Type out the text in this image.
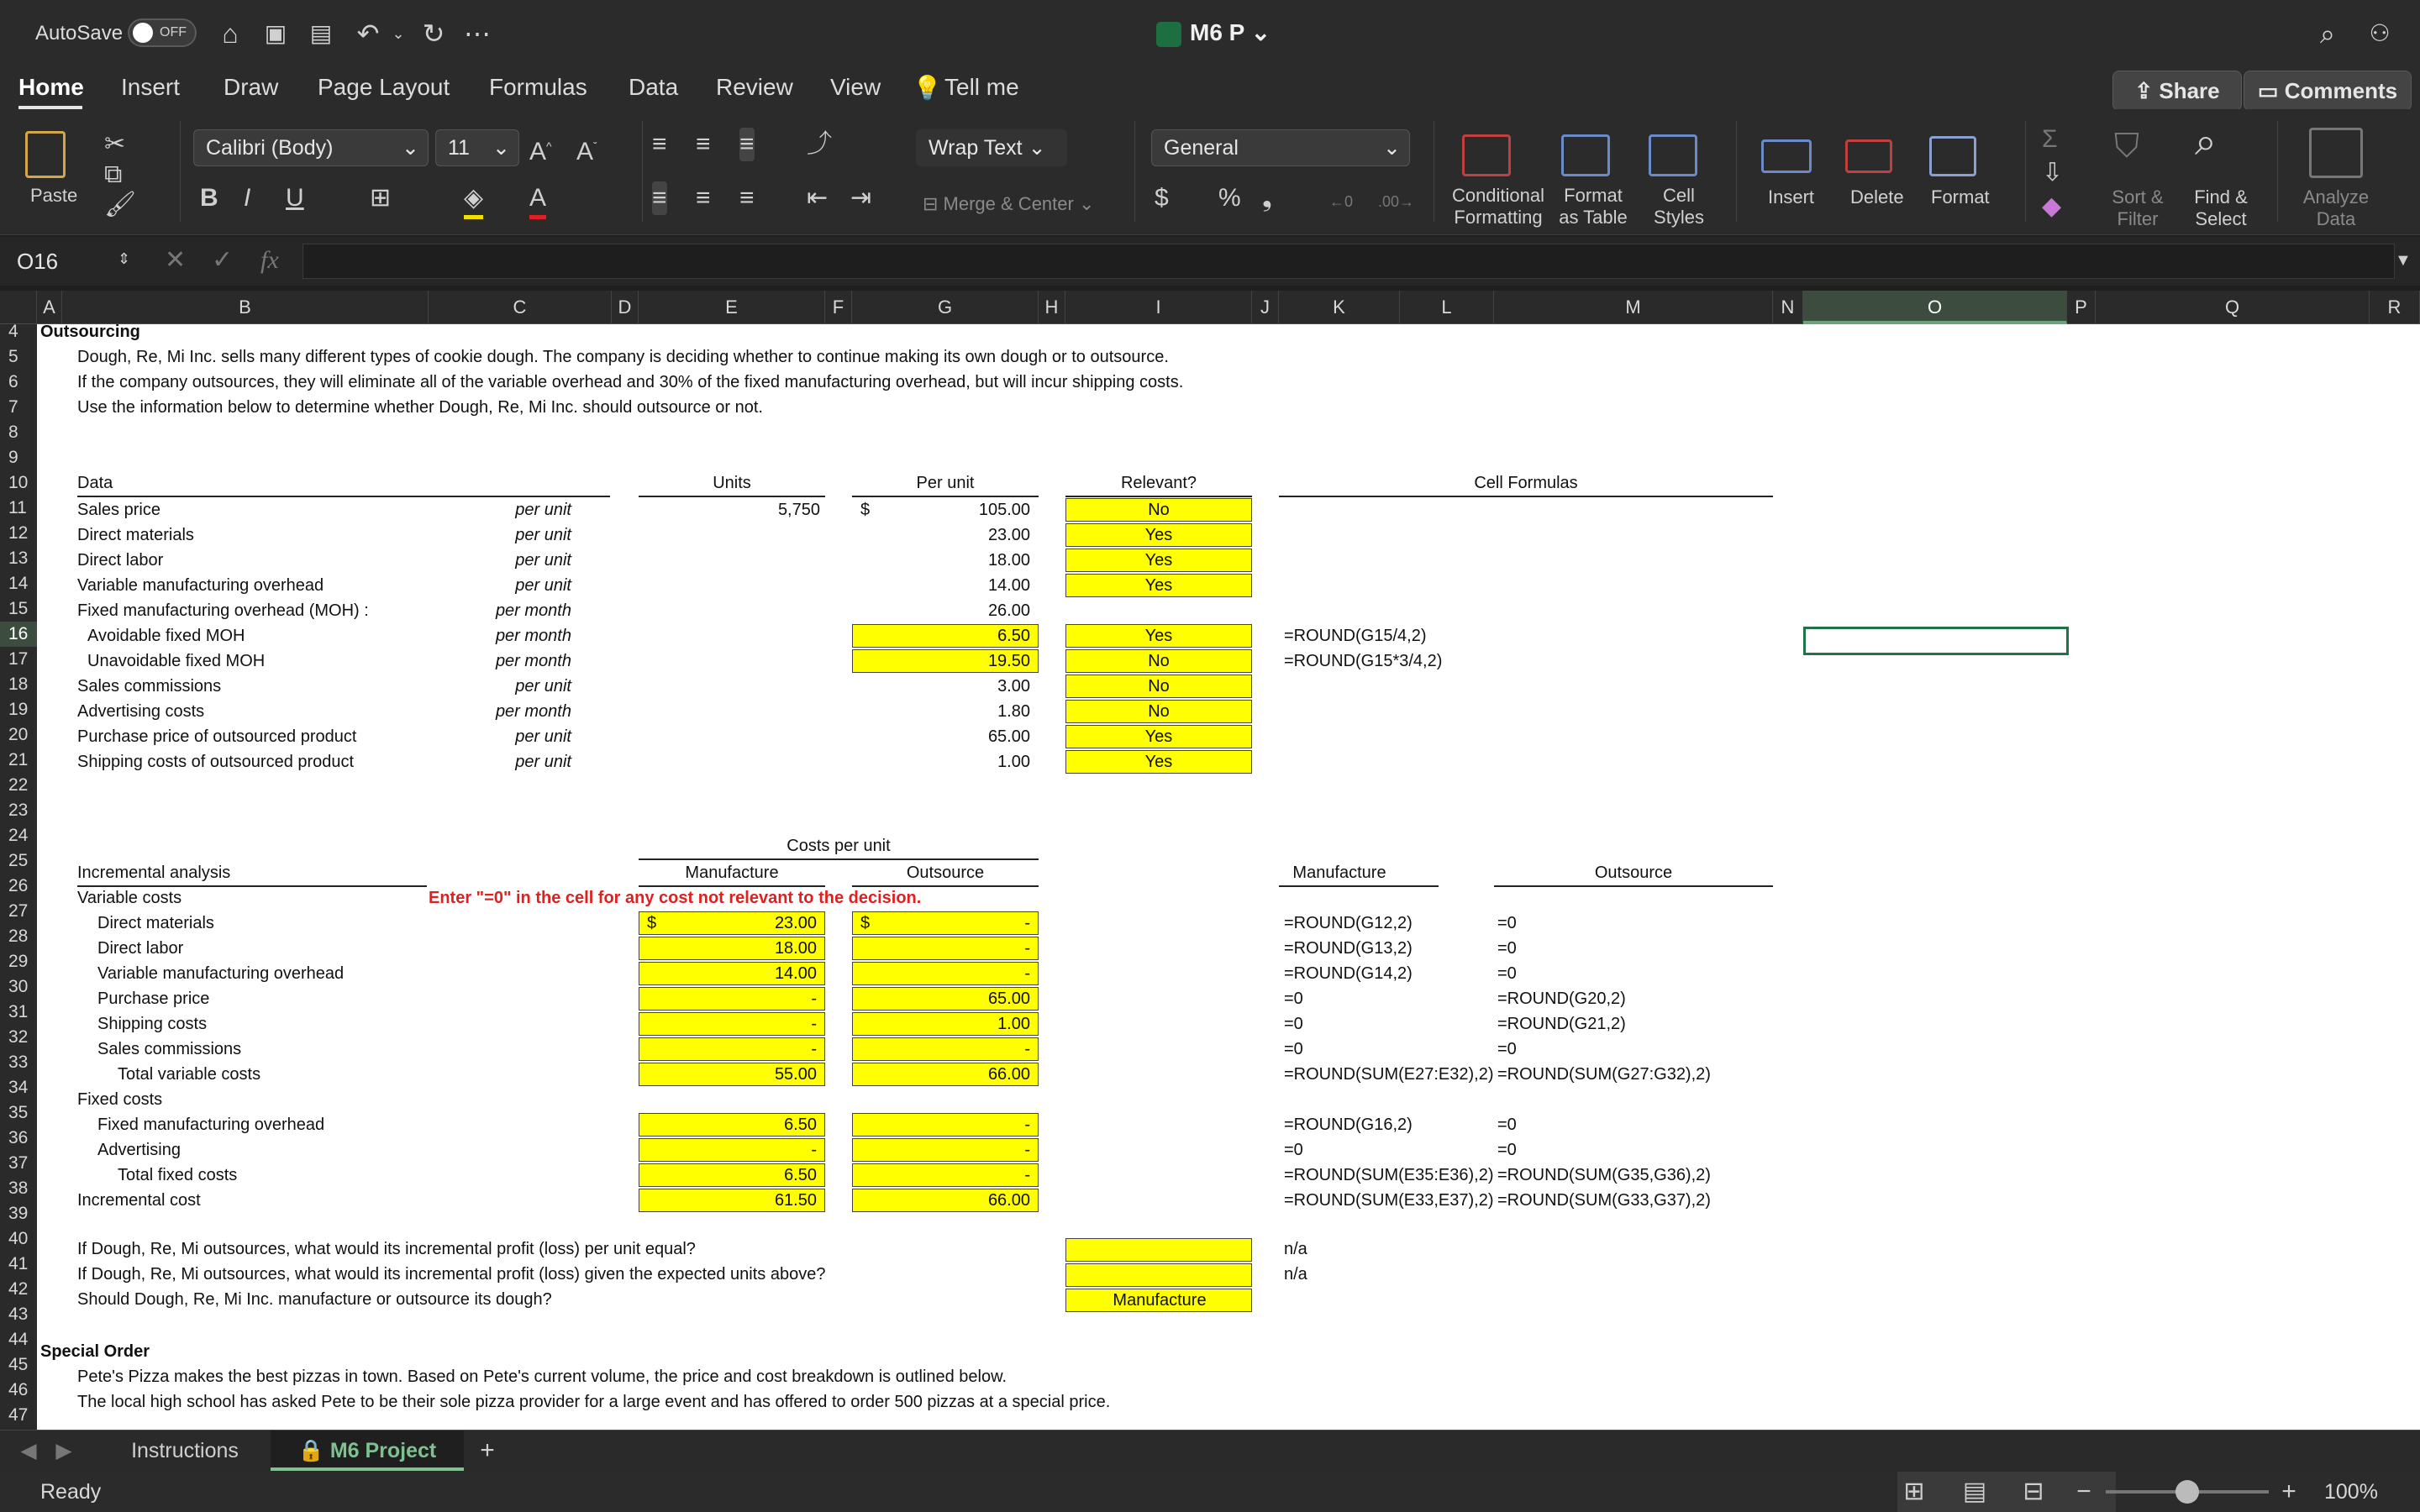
AutoSave	OFF	⌂	▣ ▤ ↶ ⌄ ↻ ⋯	M6 P ⌄	⌕	⚇
Home Insert Draw Page Layout Formulas Data Review View 💡 Tell me	⇪ Share	▭ Comments
Paste
✂
⧉
🖌
Calibri (Body)	⌄	11 ⌄ A^ $A^ˇ$
B I U	⊞	◈ A
≡ ≡ ≡ ⤴
≡ ≡ ≡ ⇤ ⇥
Wrap Text ⌄
⊟ Merge & Center ⌄
General	⌄
$ % ❟	←0 .00→	Conditional
Formatting
Format
as Table
Cell
Styles
Insert Delete Format
Σ
⇩
◆
⛉
Sort &
Filter
⌕
Find &
Select
Analyze
Data
O16	⇕ ✕ ✓ fx	▼
A	B	C	D	E	F	G	H	I	J	K	L	M	N	O	P	Q	R
4
5
6
7
8
9
10
11
12
13
14
15
16
17
18
19
20
21
22
23
24
25
26
27
28
29
30
31
32
33
34
35
36
37
38
39
40
41
42
43
44
45
46
47
Outsourcing
Dough, Re, Mi Inc. sells many different types of cookie dough. The company is deciding whether to continue making its own dough or to outsource.
If the company outsources, they will eliminate all of the variable overhead and 30% of the fixed manufacturing overhead, but will incur shipping costs.
Use the information below to determine whether Dough, Re, Mi Inc. should outsource or not.
Data	Units	Per unit	Relevant?	Cell Formulas
Sales price	per unit	5,750 $	105.00	No
Direct materials	per unit	23.00	Yes
Direct labor	per unit	18.00	Yes
Variable manufacturing overhead	per unit	14.00	Yes
Fixed manufacturing overhead (MOH) :	per month	26.00
Avoidable fixed MOH	per month	6.50	Yes	=ROUND(G15/4,2)
Unavoidable fixed MOH	per month	19.50	No	=ROUND(G15*3/4,2)
Sales commissions	per unit	3.00	No
Advertising costs	per month	1.80	No
Purchase price of outsourced product	per unit	65.00	Yes
Shipping costs of outsourced product	per unit	1.00	Yes
Costs per unit
Incremental analysis	Manufacture	Outsource	Manufacture	Outsource
Variable costs	Enter "=0" in the cell for any cost not relevant to the decision.
Direct materials	$	$
23.00	-	=ROUND(G12,2)	=0
Direct labor	18.00	-	=ROUND(G13,2)	=0
Variable manufacturing overhead	14.00	-	=ROUND(G14,2)	=0
Purchase price	-	65.00	=0	=ROUND(G20,2)
Shipping costs	-	1.00	=0	=ROUND(G21,2)
Sales commissions	-	-	=0	=0
Total variable costs	55.00	66.00	=ROUND(SUM(E27:E32),2) =ROUND(SUM(G27:G32),2)
Fixed costs
Fixed manufacturing overhead	6.50	-	=ROUND(G16,2)	=0
Advertising	-	-	=0	=0
Total fixed costs	6.50	-	=ROUND(SUM(E35:E36),2) =ROUND(SUM(G35,G36),2)
Incremental cost	61.50	66.00	=ROUND(SUM(E33,E37),2) =ROUND(SUM(G33,G37),2)
If Dough, Re, Mi outsources, what would its incremental profit (loss) per unit equal?
If Dough, Re, Mi outsources, what would its incremental profit (loss) given the expected units above?
Should Dough, Re, Mi Inc. manufacture or outsource its dough?	Manufacture
n/a
n/a
Special Order
Pete's Pizza makes the best pizzas in town. Based on Pete's current volume, the price and cost breakdown is outlined below.
The local high school has asked Pete to be their sole pizza provider for a large event and has offered to order 500 pizzas at a special price.
◀ ▶	Instructions	🔒 M6 Project	+
Ready	⊞ ▤ ⊟ −	+ 100%
